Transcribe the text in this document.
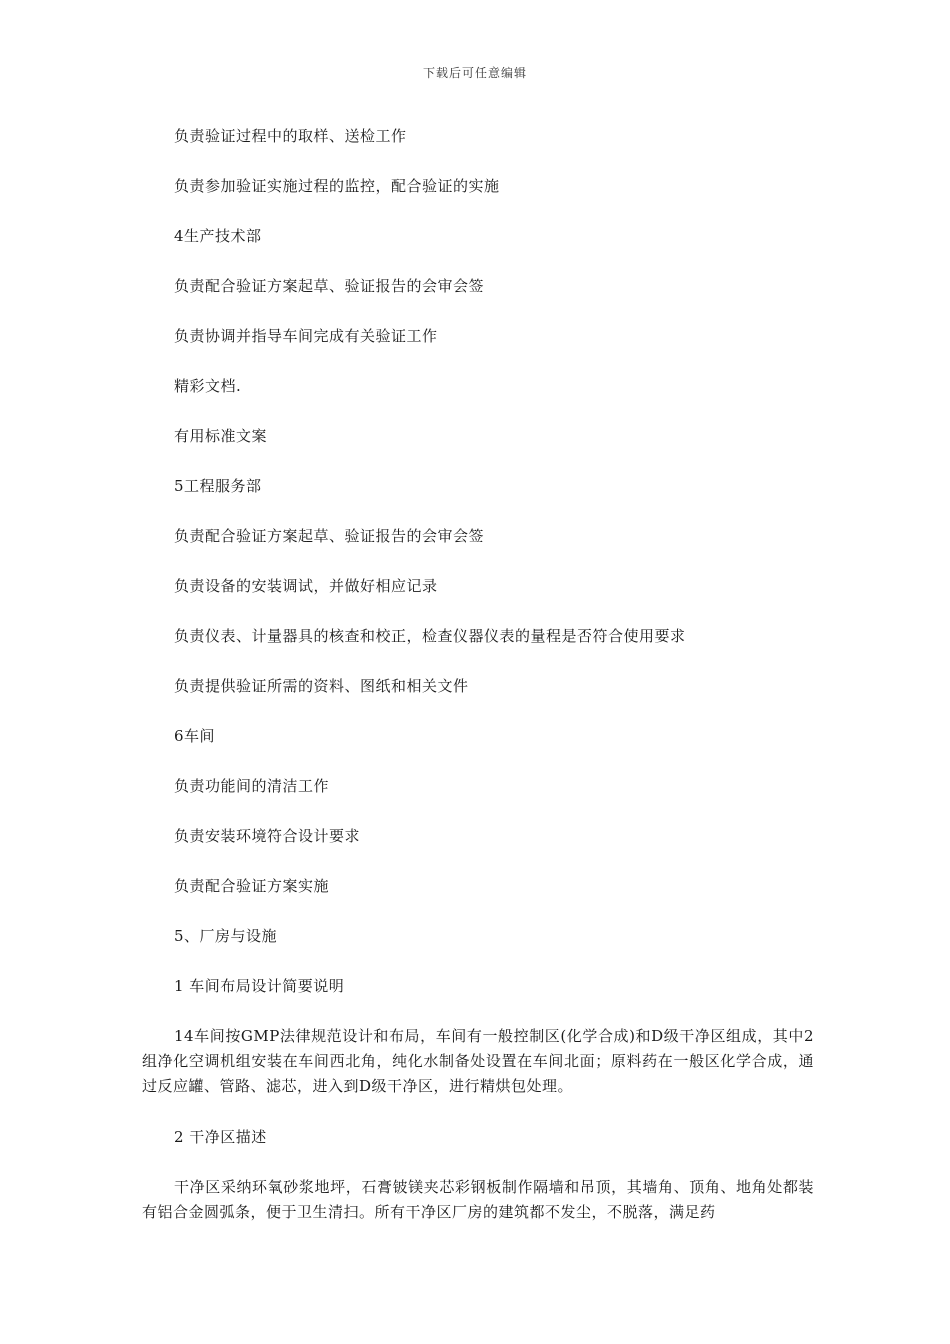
下载后可任意编辑
负责验证过程中的取样、送检工作
负责参加验证实施过程的监控，配合验证的实施
4生产技术部
负责配合验证方案起草、验证报告的会审会签
负责协调并指导车间完成有关验证工作
精彩文档.
有用标准文案
5工程服务部
负责配合验证方案起草、验证报告的会审会签
负责设备的安装调试，并做好相应记录
负责仪表、计量器具的核查和校正，检查仪器仪表的量程是否符合使用要求
负责提供验证所需的资料、图纸和相关文件
6车间
负责功能间的清洁工作
负责安装环境符合设计要求
负责配合验证方案实施
5、厂房与设施
1 车间布局设计简要说明
14车间按GMP法律规范设计和布局，车间有一般控制区(化学合成)和D级干净区组成，其中2组净化空调机组安装在车间西北角，纯化水制备处设置在车间北面；原料药在一般区化学合成，通过反应罐、管路、滤芯，进入到D级干净区，进行精烘包处理。
2 干净区描述
干净区采纳环氧砂浆地坪，石膏铍镁夹芯彩钢板制作隔墙和吊顶，其墙角、顶角、地角处都装有铝合金圆弧条，便于卫生清扫。所有干净区厂房的建筑都不发尘，不脱落，满足药
